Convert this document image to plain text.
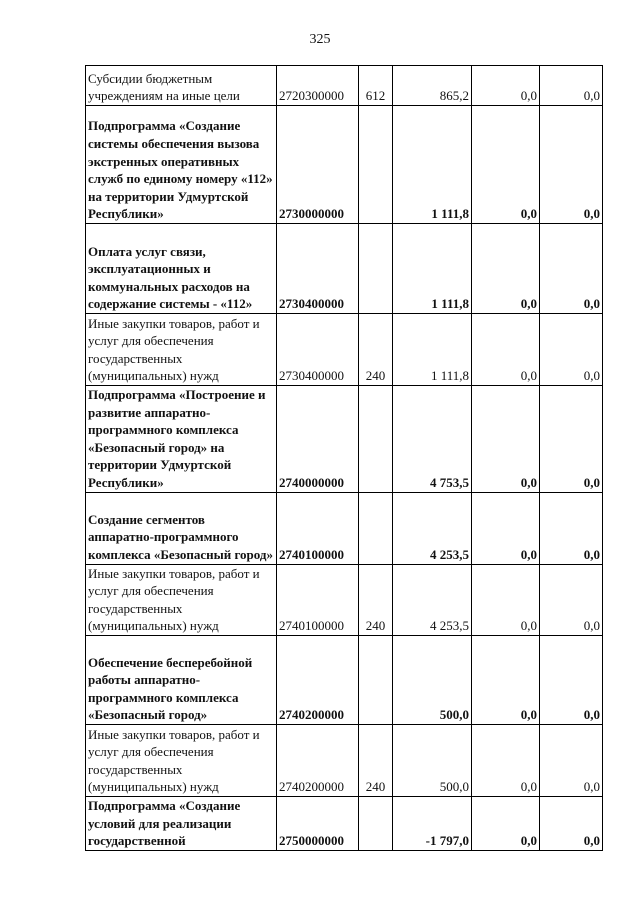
325
Субсидии бюджетным учреждениям на иные цели	2720300000	612	865,2	0,0	0,0
Подпрограмма «Создание системы обеспечения вызова экстренных оперативных служб по единому номеру «112» на территории Удмуртской Республики»	2730000000		1 111,8	0,0	0,0
Оплата услуг связи, эксплуатационных и коммунальных расходов на содержание системы - «112»	2730400000		1 111,8	0,0	0,0
Иные закупки товаров, работ и услуг для обеспечения государственных (муниципальных) нужд	2730400000	240	1 111,8	0,0	0,0
Подпрограмма «Построение и развитие аппаратно-программного комплекса «Безопасный город» на территории Удмуртской Республики»	2740000000		4 753,5	0,0	0,0
Создание сегментов аппаратно-программного комплекса «Безопасный город»	2740100000		4 253,5	0,0	0,0
Иные закупки товаров, работ и услуг для обеспечения государственных (муниципальных) нужд	2740100000	240	4 253,5	0,0	0,0
Обеспечение бесперебойной работы аппаратно-программного комплекса «Безопасный город»	2740200000		500,0	0,0	0,0
Иные закупки товаров, работ и услуг для обеспечения государственных (муниципальных) нужд	2740200000	240	500,0	0,0	0,0
Подпрограмма «Создание условий для реализации государственной	2750000000		-1 797,0	0,0	0,0
